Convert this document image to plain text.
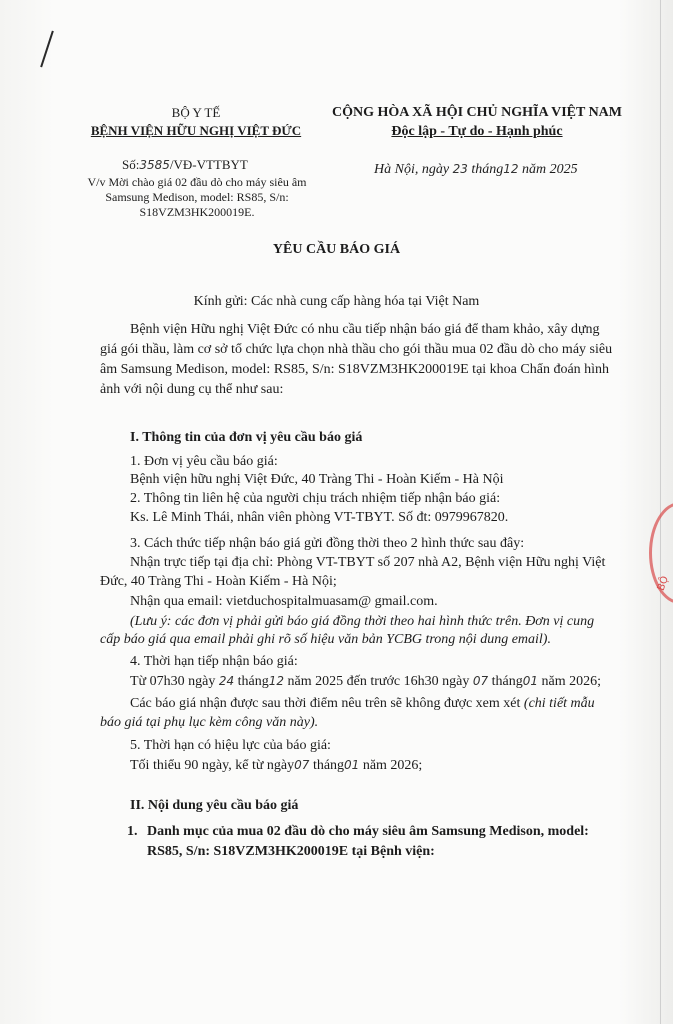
BỘ Y TẾ
BỆNH VIỆN HỮU NGHỊ VIỆT ĐỨC
Số:3585/VĐ-VTTBYT
V/v Mời chào giá 02 đầu dò cho máy siêu âm
Samsung Medison, model: RS85, S/n:
S18VZM3HK200019E.
CỘNG HÒA XÃ HỘI CHỦ NGHĨA VIỆT NAM
Độc lập - Tự do - Hạnh phúc
Hà Nội, ngày 23 tháng12 năm 2025
YÊU CẦU BÁO GIÁ
Kính gửi: Các nhà cung cấp hàng hóa tại Việt Nam
Bệnh viện Hữu nghị Việt Đức có nhu cầu tiếp nhận báo giá để tham khảo, xây dựng
giá gói thầu, làm cơ sở tổ chức lựa chọn nhà thầu cho gói thầu mua 02 đầu dò cho máy siêu
âm Samsung Medison, model: RS85, S/n: S18VZM3HK200019E tại khoa Chẩn đoán hình
ảnh với nội dung cụ thể như sau:
I. Thông tin của đơn vị yêu cầu báo giá
1. Đơn vị yêu cầu báo giá:
Bệnh viện hữu nghị Việt Đức, 40 Tràng Thi - Hoàn Kiếm - Hà Nội
2. Thông tin liên hệ của người chịu trách nhiệm tiếp nhận báo giá:
Ks. Lê Minh Thái, nhân viên phòng VT-TBYT. Số đt: 0979967820.
3. Cách thức tiếp nhận báo giá gửi đồng thời theo 2 hình thức sau đây:
Nhận trực tiếp tại địa chỉ: Phòng VT-TBYT số 207 nhà A2, Bệnh viện Hữu nghị Việt
Đức, 40 Tràng Thi - Hoàn Kiếm - Hà Nội;
Nhận qua email: vietduchospitalmuasam@ gmail.com.
(Lưu ý: các đơn vị phải gửi báo giá đồng thời theo hai hình thức trên. Đơn vị cung
cấp báo giá qua email phải ghi rõ số hiệu văn bản YCBG trong nội dung email).
4. Thời hạn tiếp nhận báo giá:
Từ 07h30 ngày 24 tháng12 năm 2025 đến trước 16h30 ngày 07 tháng01 năm 2026;
Các báo giá nhận được sau thời điểm nêu trên sẽ không được xem xét (chi tiết mẫu
báo giá tại phụ lục kèm công văn này).
5. Thời hạn có hiệu lực của báo giá:
Tối thiểu 90 ngày, kể từ ngày07 tháng01 năm 2026;
II. Nội dung yêu cầu báo giá
1. Danh mục của mua 02 đầu dò cho máy siêu âm Samsung Medison, model:
RS85, S/n: S18VZM3HK200019E tại Bệnh viện:
BỘ
